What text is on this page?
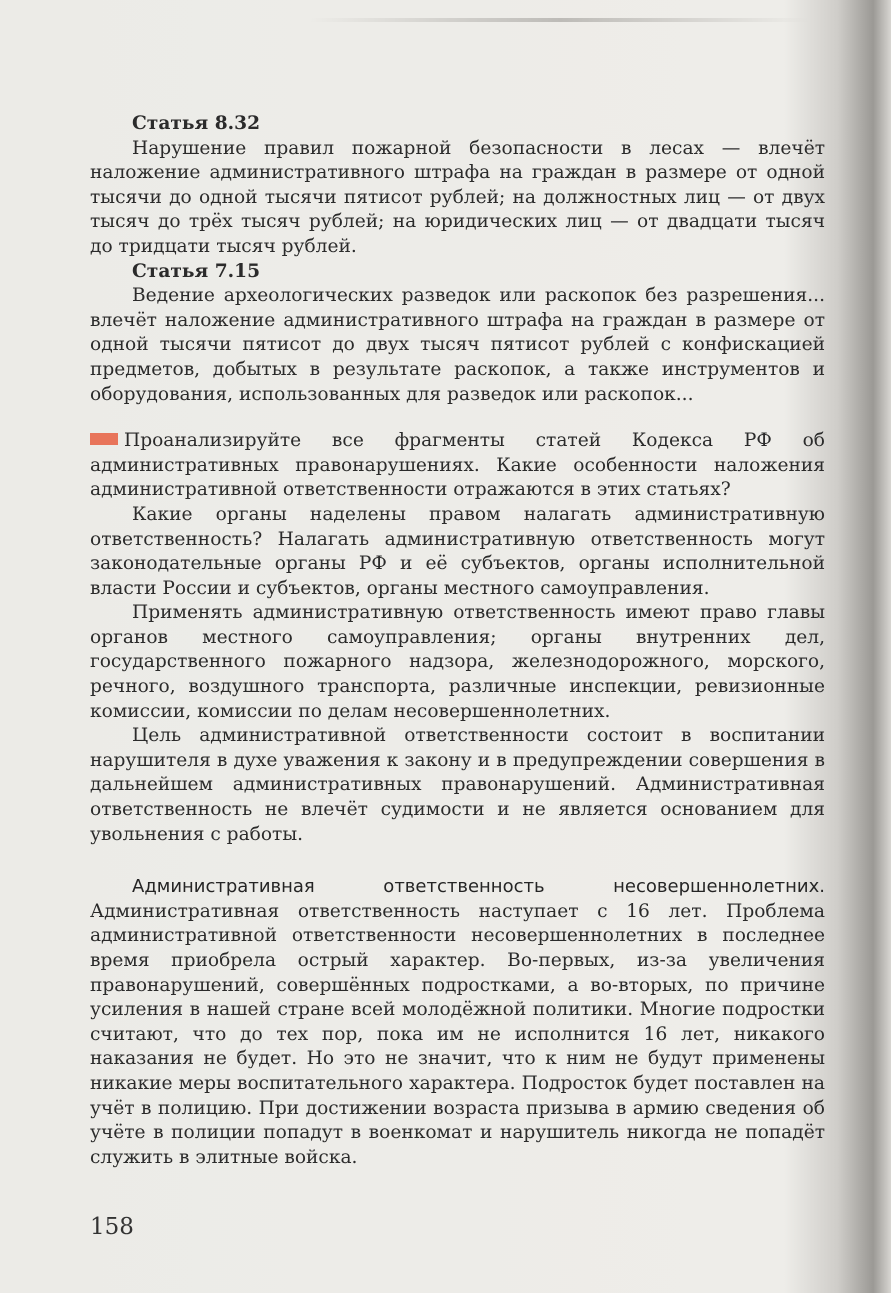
Статья 8.32

Нарушение правил пожарной безопасности в лесах — влечёт наложение административного штрафа на граждан в размере от одной тысячи до одной тысячи пятисот рублей; на должностных лиц — от двух тысяч до трёх тысяч рублей; на юридических лиц — от двадцати тысяч до тридцати тысяч рублей.

Статья 7.15

Ведение археологических разведок или раскопок без разрешения... влечёт наложение административного штрафа на граждан в размере от одной тысячи пятисот до двух тысяч пятисот рублей с конфискацией предметов, добытых в результате раскопок, а также инструментов и оборудования, использованных для разведок или раскопок...

Проанализируйте все фрагменты статей Кодекса РФ об административных правонарушениях. Какие особенности наложения административной ответственности отражаются в этих статьях?

Какие органы наделены правом налагать административную ответственность? Налагать административную ответственность могут законодательные органы РФ и её субъектов, органы исполнительной власти России и субъектов, органы местного самоуправления.

Применять административную ответственность имеют право главы органов местного самоуправления; органы внутренних дел, государственного пожарного надзора, железнодорожного, морского, речного, воздушного транспорта, различные инспекции, ревизионные комиссии, комиссии по делам несовершеннолетних.

Цель административной ответственности состоит в воспитании нарушителя в духе уважения к закону и в предупреждении совершения в дальнейшем административных правонарушений. Административная ответственность не влечёт судимости и не является основанием для увольнения с работы.

Административная ответственность несовершеннолетних. Административная ответственность наступает с 16 лет. Проблема административной ответственности несовершеннолетних в последнее время приобрела острый характер. Во-первых, из-за увеличения правонарушений, совершённых подростками, а во-вторых, по причине усиления в нашей стране всей молодёжной политики. Многие подростки считают, что до тех пор, пока им не исполнится 16 лет, никакого наказания не будет. Но это не значит, что к ним не будут применены никакие меры воспитательного характера. Подросток будет поставлен на учёт в полицию. При достижении возраста призыва в армию сведения об учёте в полиции попадут в военкомат и нарушитель никогда не попадёт служить в элитные войска.

158
